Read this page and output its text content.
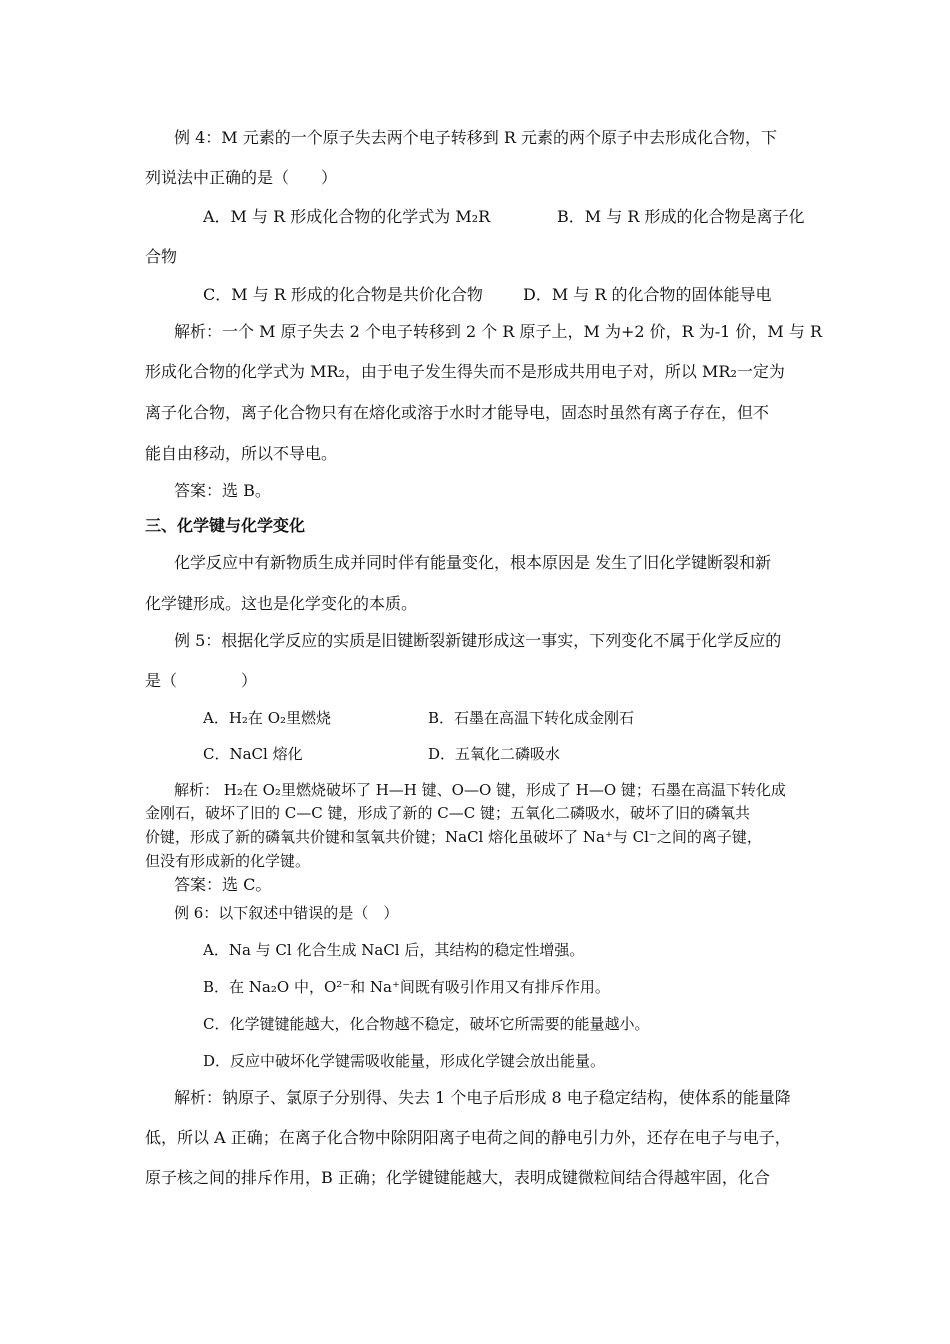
例 4：M 元素的一个原子失去两个电子转移到 R 元素的两个原子中去形成化合物，下
列说法中正确的是（　　）
A．M 与 R 形成化合物的化学式为 M₂R	B．M 与 R 形成的化合物是离子化
合物
C．M 与 R 形成的化合物是共价化合物	D．M 与 R 的化合物的固体能导电
解析：一个 M 原子失去 2 个电子转移到 2 个 R 原子上，M 为+2 价，R 为-1 价，M 与 R
形成化合物的化学式为 MR₂，由于电子发生得失而不是形成共用电子对，所以 MR₂一定为
离子化合物，离子化合物只有在熔化或溶于水时才能导电，固态时虽然有离子存在，但不
能自由移动，所以不导电。
答案：选 B。
三、化学键与化学变化
化学反应中有新物质生成并同时伴有能量变化，根本原因是 发生了旧化学键断裂和新
化学键形成。这也是化学变化的本质。
例 5：根据化学反应的实质是旧键断裂新键形成这一事实，下列变化不属于化学反应的
是（　　　　）
A．H₂在 O₂里燃烧	B．石墨在高温下转化成金刚石
C．NaCl 熔化	D．五氧化二磷吸水
解析： H₂在 O₂里燃烧破坏了 H—H 键、O—O 键，形成了 H—O 键；石墨在高温下转化成
金刚石，破坏了旧的 C—C 键，形成了新的 C—C 键；五氧化二磷吸水，破坏了旧的磷氧共
价键，形成了新的磷氧共价键和氢氧共价键；NaCl 熔化虽破坏了 Na⁺与 Cl⁻之间的离子键，
但没有形成新的化学键。
答案：选 C。
例 6：以下叙述中错误的是（　）
A．Na 与 Cl 化合生成 NaCl 后，其结构的稳定性增强。
B．在 Na₂O 中，O²⁻和 Na⁺间既有吸引作用又有排斥作用。
C．化学键键能越大，化合物越不稳定，破坏它所需要的能量越小。
D．反应中破坏化学键需吸收能量，形成化学键会放出能量。
解析：钠原子、氯原子分别得、失去 1 个电子后形成 8 电子稳定结构，使体系的能量降
低，所以 A 正确；在离子化合物中除阴阳离子电荷之间的静电引力外，还存在电子与电子，
原子核之间的排斥作用，B 正确；化学键键能越大，表明成键微粒间结合得越牢固，化合
